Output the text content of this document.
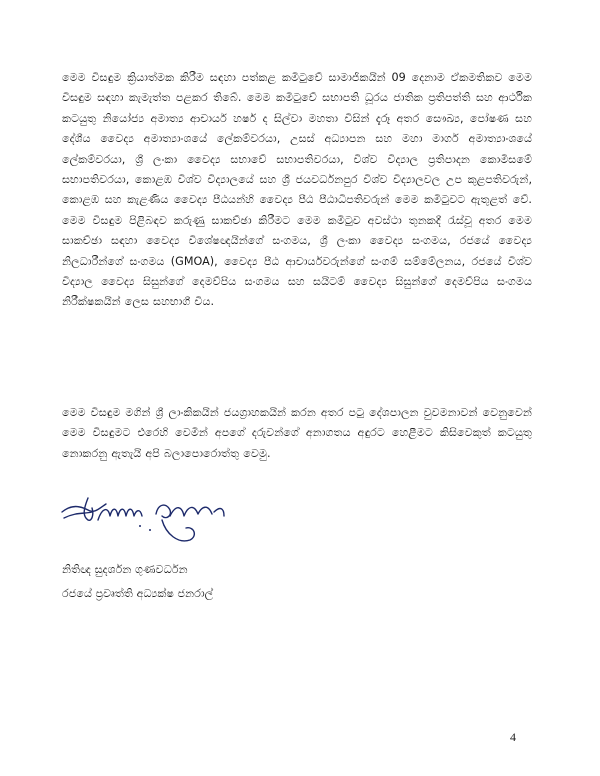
මෙම විසඳුම ක්‍රියාත්මක කිරීම සඳහා පත්කළ කමිටුවේ සාමාජිකයින් 09 දෙනාම ඒකමතිකව මෙම විසඳුම සඳහා කැමැත්ත පළකර තිබේ. මෙම කමිටුවේ සභාපති ධූරය ජාතික ප්‍රතිපත්ති සහ ආර්ථික කටයුතු නියෝජ්‍ය අමාත්‍ය ආචාර්ය හර්ෂ ද සිල්වා මහතා විසින් දැරූ අතර සෞඛ්‍ය, පෝෂණ සහ දේශීය වෛද්‍ය අමාත්‍යාංශයේ ලේකම්වරයා, උසස් අධ්‍යාපන සහ මහා මාර්ග අමාත්‍යාංශයේ ලේකම්වරයා, ශ්‍රී ලංකා වෛද්‍ය සභාවේ සභාපතිවරයා, විශ්ව විද්‍යාල ප්‍රතිපාදන කොමිසමේ සභාපතිවරයා, කොළඹ විශ්ව විද්‍යාලයේ සහ ශ්‍රී ජයවර්ධනපුර විශ්ව විද්‍යාලවල උප කුළපතිවරුන්, කොළඹ සහ කැළණිය වෛද්‍ය පීඨයන්හි වෛද්‍ය පීඨ පීඨාධිපතිවරුන් මෙම කමිටුවට ඇතුළත් වේ. මෙම විසඳුම පිළිබඳව කරුණු සාකච්ඡා කිරීමට මෙම කමිටුව අවස්ථා තුනකදී රැස්වූ අතර මෙම සාකච්ඡා සඳහා වෛද්‍ය විශේෂඥයින්ගේ සංගමය, ශ්‍රී ලංකා වෛද්‍ය සංගමය, රජයේ වෛද්‍ය නිලධාරීන්ගේ සංගමය (GMOA), වෛද්‍ය පීඨ ආචාර්යවරුන්ගේ සංගම් සම්මේලනය, රජයේ විශ්ව විද්‍යාල වෛද්‍ය සිසුන්ගේ දෙමව්පිය සංගමය සහ සයිටම් වෛද්‍ය සිසුන්ගේ දෙමව්පිය සංගමය නිරීක්ෂකයින් ලෙස සහභාගී විය.

මෙම විසඳුම මගින් ශ්‍රී ලාංකිකයින් ජයග්‍රාහකයින් කරන අතර පටු දේශපාලන වුවමනාවන් වෙනුවෙන් මෙම විසඳුමට එරෙහි වෙමින් අපගේ දරුවන්ගේ අනාගතය අඳුරට හෙළීමට කිසිවෙකුත් කටයුතු නොකරනු ඇතැයි අපි බලාපොරොත්තු වෙමු.

නිතිඥ සුදර්ශන ගුණවර්ධන

රජයේ ප්‍රවෘත්ති අධ්‍යක්ෂ ජනරාල්

4
